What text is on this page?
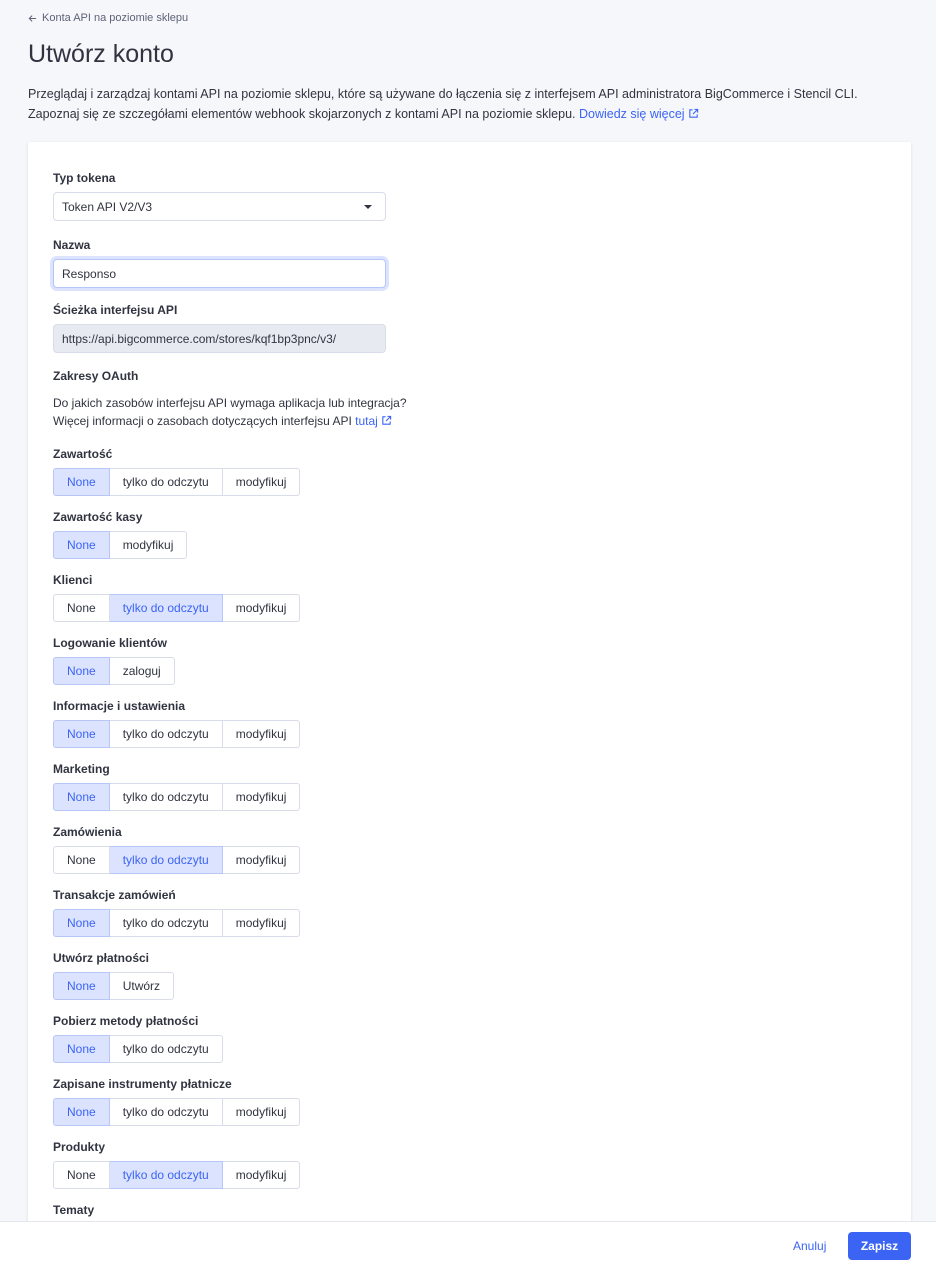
Konta API na poziomie sklepu
Utwórz konto

Przeglądaj i zarządzaj kontami API na poziomie sklepu, które są używane do łączenia się z interfejsem API administratora BigCommerce i Stencil CLI. Zapoznaj się ze szczegółami elementów webhook skojarzonych z kontami API na poziomie sklepu. Dowiedz się więcej

Typ tokena
Token API V2/V3
Nazwa
Responso
Ścieżka interfejsu API
https://api.bigcommerce.com/stores/kqf1bp3pnc/v3/
Zakresy OAuth
Do jakich zasobów interfejsu API wymaga aplikacja lub integracja?
Więcej informacji o zasobach dotyczących interfejsu API tutaj
Zawartość
None	tylko do odczytu	modyfikuj
Zawartość kasy
None	modyfikuj
Klienci
None	tylko do odczytu	modyfikuj
Logowanie klientów
None	zaloguj
Informacje i ustawienia
None	tylko do odczytu	modyfikuj
Marketing
None	tylko do odczytu	modyfikuj
Zamówienia
None	tylko do odczytu	modyfikuj
Transakcje zamówień
None	tylko do odczytu	modyfikuj
Utwórz płatności
None	Utwórz
Pobierz metody płatności
None	tylko do odczytu
Zapisane instrumenty płatnicze
None	tylko do odczytu	modyfikuj
Produkty
None	tylko do odczytu	modyfikuj
Tematy
Anuluj	Zapisz
